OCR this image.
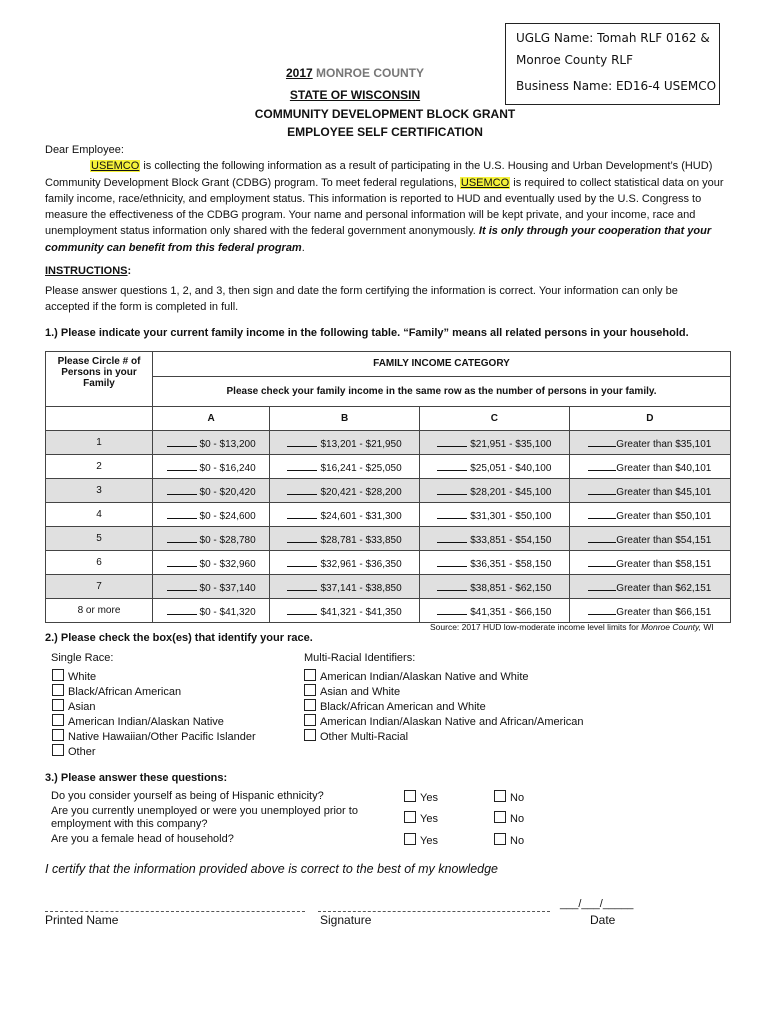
UGLG Name: Tomah RLF 0162 &
Monroe County RLF
Business Name: ED16-4 USEMCO
2017 MONROE COUNTY
STATE OF WISCONSIN
COMMUNITY DEVELOPMENT BLOCK GRANT
EMPLOYEE SELF CERTIFICATION
Dear Employee:
USEMCO is collecting the following information as a result of participating in the U.S. Housing and Urban Development’s (HUD) Community Development Block Grant (CDBG) program. To meet federal regulations, USEMCO is required to collect statistical data on your family income, race/ethnicity, and employment status. This information is reported to HUD and eventually used by the U.S. Congress to measure the effectiveness of the CDBG program. Your name and personal information will be kept private, and your income, race and unemployment status information only shared with the federal government anonymously. It is only through your cooperation that your community can benefit from this federal program.
INSTRUCTIONS:
Please answer questions 1, 2, and 3, then sign and date the form certifying the information is correct. Your information can only be accepted if the form is completed in full.
1.) Please indicate your current family income in the following table. “Family” means all related persons in your household.
Please Circle # of Persons in your Family	FAMILY INCOME CATEGORY			
	Please check your family income in the same row as the number of persons in your family.			
	A	B	C	D
1	$0 - $13,200	$13,201 - $21,950	$21,951 - $35,100	Greater than $35,101
2	$0 - $16,240	$16,241 - $25,050	$25,051 - $40,100	Greater than $40,101
3	$0 - $20,420	$20,421 - $28,200	$28,201 - $45,100	Greater than $45,101
4	$0 - $24,600	$24,601 - $31,300	$31,301 - $50,100	Greater than $50,101
5	$0 - $28,780	$28,781 - $33,850	$33,851 - $54,150	Greater than $54,151
6	$0 - $32,960	$32,961 - $36,350	$36,351 - $58,150	Greater than $58,151
7	$0 - $37,140	$37,141 - $38,850	$38,851 - $62,150	Greater than $62,151
8 or more	$0 - $41,320	$41,321 - $41,350	$41,351 - $66,150	Greater than $66,151
Source: 2017 HUD low-moderate income level limits for Monroe County, WI
2.) Please check the box(es) that identify your race.
Single Race:	Multi-Racial Identifiers:
White
Black/African American
Asian
American Indian/Alaskan Native
Native Hawaiian/Other Pacific Islander
Other
American Indian/Alaskan Native and White
Asian and White
Black/African American and White
American Indian/Alaskan Native and African/American
Other Multi-Racial
3.) Please answer these questions:
Do you consider yourself as being of Hispanic ethnicity?	Yes	No
Are you currently unemployed or were you unemployed prior to employment with this company?	Yes	No
Are you a female head of household?	Yes	No
I certify that the information provided above is correct to the best of my knowledge
___/___/_____
Printed Name	Signature	Date
